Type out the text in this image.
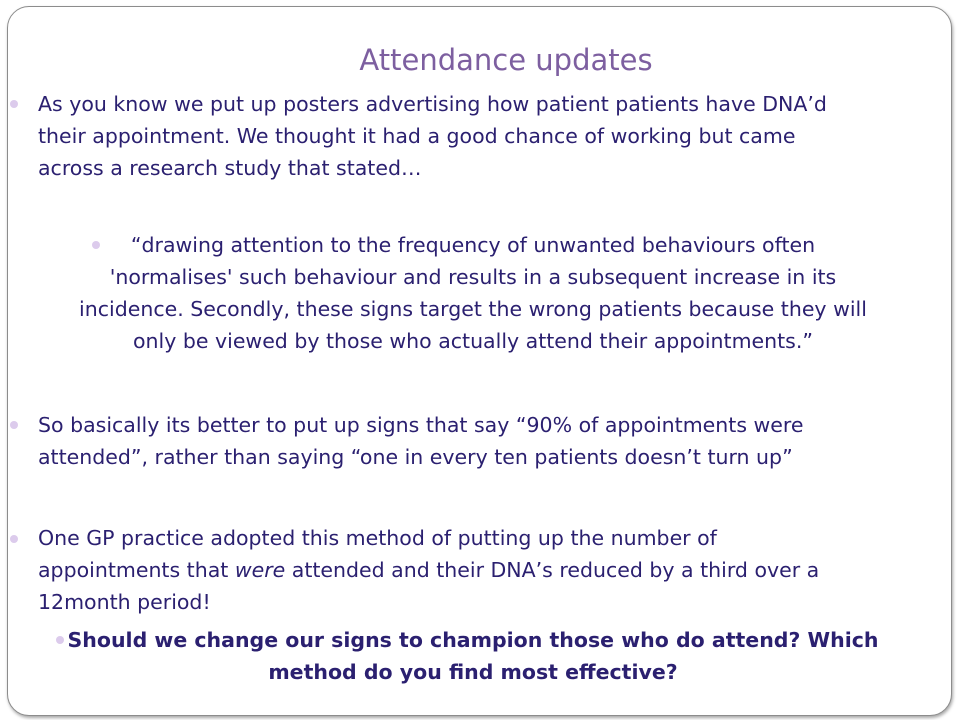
Attendance updates
As you know we put up posters advertising how patient patients have DNA’d
their appointment. We thought it had a good chance of working but came
across a research study that stated…
“drawing attention to the frequency of unwanted behaviours often
'normalises' such behaviour and results in a subsequent increase in its
incidence. Secondly, these signs target the wrong patients because they will
only be viewed by those who actually attend their appointments.”
So basically its better to put up signs that say “90% of appointments were
attended”, rather than saying “one in every ten patients doesn’t turn up”
One GP practice adopted this method of putting up the number of
appointments that were attended and their DNA’s reduced by a third over a
12month period!
Should we change our signs to champion those who do attend? Which
method do you find most effective?
